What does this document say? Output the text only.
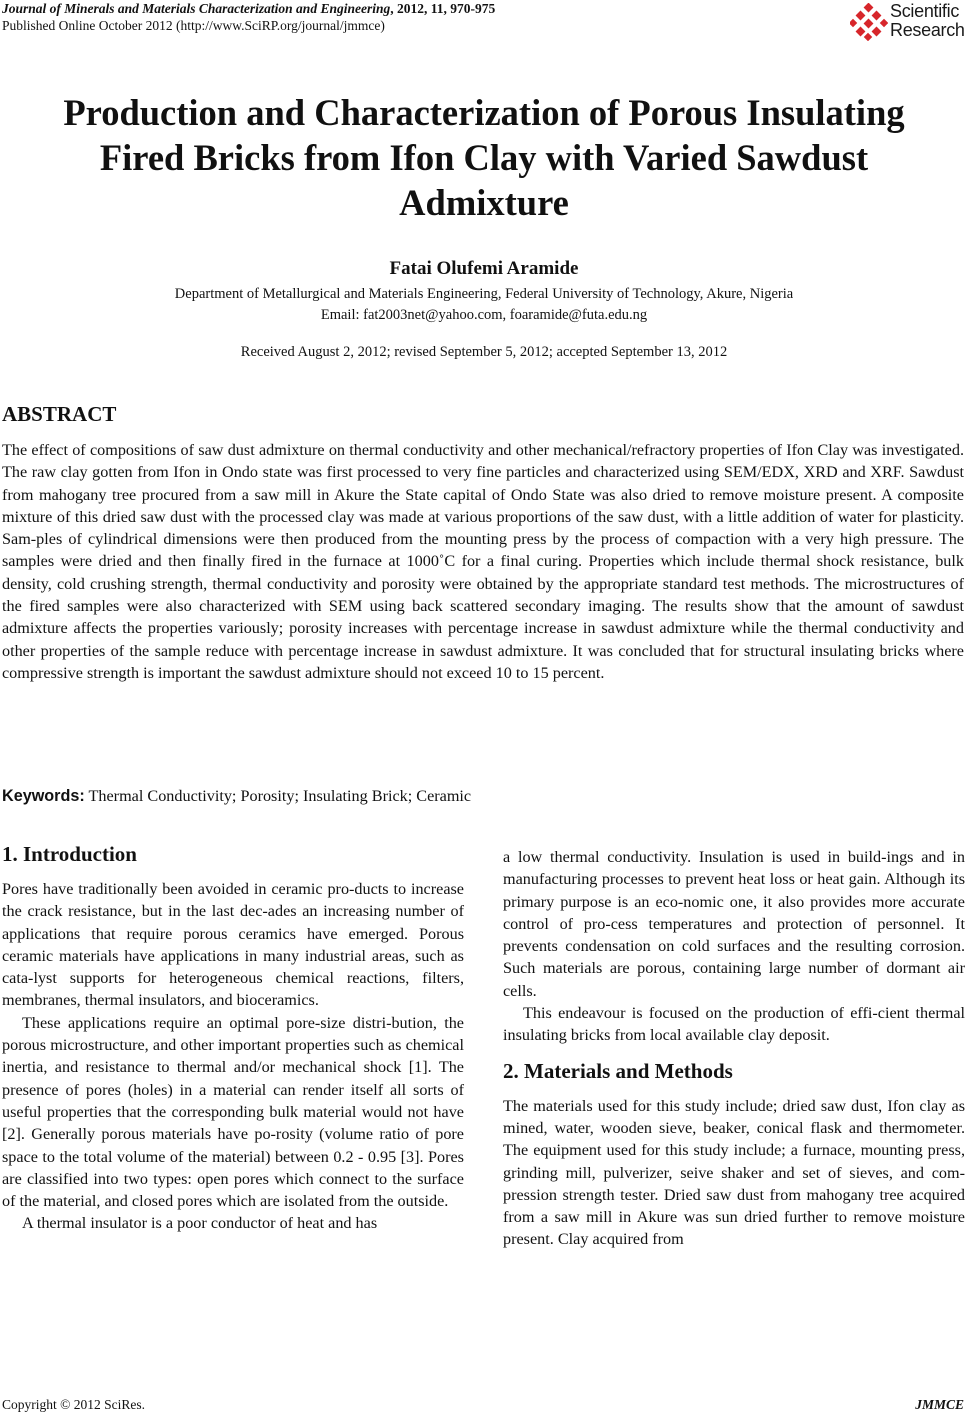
Journal of Minerals and Materials Characterization and Engineering, 2012, 11, 970-975
Published Online October 2012 (http://www.SciRP.org/journal/jmmce)
Scientific
Research
Production and Characterization of Porous Insulating Fired Bricks from Ifon Clay with Varied Sawdust Admixture
Fatai Olufemi Aramide
Department of Metallurgical and Materials Engineering, Federal University of Technology, Akure, Nigeria
Email: fat2003net@yahoo.com, foaramide@futa.edu.ng
Received August 2, 2012; revised September 5, 2012; accepted September 13, 2012
ABSTRACT
The effect of compositions of saw dust admixture on thermal conductivity and other mechanical/refractory properties of Ifon Clay was investigated. The raw clay gotten from Ifon in Ondo state was first processed to very fine particles and characterized using SEM/EDX, XRD and XRF. Sawdust from mahogany tree procured from a saw mill in Akure the State capital of Ondo State was also dried to remove moisture present. A composite mixture of this dried saw dust with the processed clay was made at various proportions of the saw dust, with a little addition of water for plasticity. Sam-ples of cylindrical dimensions were then produced from the mounting press by the process of compaction with a very high pressure. The samples were dried and then finally fired in the furnace at 1000˚C for a final curing. Properties which include thermal shock resistance, bulk density, cold crushing strength, thermal conductivity and porosity were obtained by the appropriate standard test methods. The microstructures of the fired samples were also characterized with SEM using back scattered secondary imaging. The results show that the amount of sawdust admixture affects the properties variously; porosity increases with percentage increase in sawdust admixture while the thermal conductivity and other properties of the sample reduce with percentage increase in sawdust admixture. It was concluded that for structural insulating bricks where compressive strength is important the sawdust admixture should not exceed 10 to 15 percent.
Keywords: Thermal Conductivity; Porosity; Insulating Brick; Ceramic
1. Introduction

Pores have traditionally been avoided in ceramic pro-ducts to increase the crack resistance, but in the last dec-ades an increasing number of applications that require porous ceramics have emerged. Porous ceramic materials have applications in many industrial areas, such as cata-lyst supports for heterogeneous chemical reactions, filters, membranes, thermal insulators, and bioceramics.

These applications require an optimal pore-size distri-bution, the porous microstructure, and other important properties such as chemical inertia, and resistance to thermal and/or mechanical shock [1]. The presence of pores (holes) in a material can render itself all sorts of useful properties that the corresponding bulk material would not have [2]. Generally porous materials have po-rosity (volume ratio of pore space to the total volume of the material) between 0.2 - 0.95 [3]. Pores are classified into two types: open pores which connect to the surface of the material, and closed pores which are isolated from the outside.

A thermal insulator is a poor conductor of heat and has

a low thermal conductivity. Insulation is used in build-ings and in manufacturing processes to prevent heat loss or heat gain. Although its primary purpose is an eco-nomic one, it also provides more accurate control of pro-cess temperatures and protection of personnel. It prevents condensation on cold surfaces and the resulting corrosion. Such materials are porous, containing large number of dormant air cells.

This endeavour is focused on the production of effi-cient thermal insulating bricks from local available clay deposit.

2. Materials and Methods

The materials used for this study include; dried saw dust, Ifon clay as mined, water, wooden sieve, beaker, conical flask and thermometer. The equipment used for this study include; a furnace, mounting press, grinding mill, pulverizer, seive shaker and set of sieves, and com-pression strength tester. Dried saw dust from mahogany tree acquired from a saw mill in Akure was sun dried further to remove moisture present. Clay acquired from

Copyright © 2012 SciRes.	JMMCE
